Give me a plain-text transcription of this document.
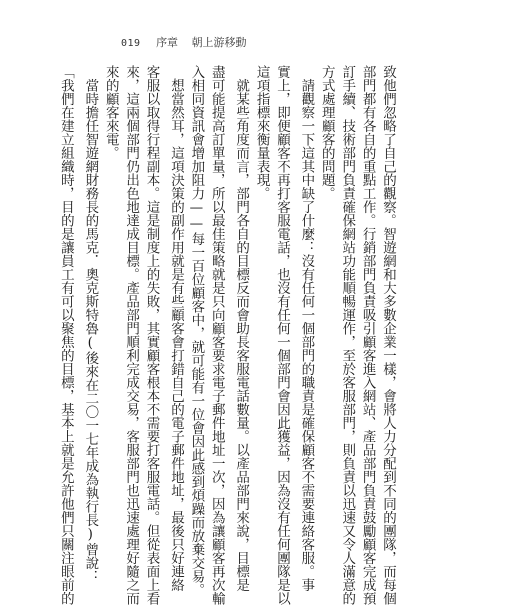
019 序章 朝上游移動

致他們忽略了自己的觀察。智遊網和大多數企業一樣，會將人力分配到不同的團隊，而每個

部門都有各自的重點工作。行銷部門負責吸引顧客進入網站、產品部門負責鼓勵顧客完成預

訂手續、技術部門負責確保網站功能順暢運作，至於客服部門，則負責以迅速又令人滿意的

方式處理顧客的問題。

　請觀察一下這其中缺了什麼：沒有任何一個部門的職責是確保顧客不需要連絡客服。事

實上，即便顧客不再打客服電話，也沒有任何一個部門會因此獲益，因為沒有任何團隊是以

這項指標來衡量表現。

　就某些角度而言，部門各自的目標反而會助長客服電話數量。以產品部門來說，目標是

盡可能提高訂單量，所以最佳策略就是只向顧客要求電子郵件地址一次，因為讓顧客再次輸

入相同資訊會增加阻力——每一百位顧客中，就可能有一位會因此感到煩躁而放棄交易。

　想當然耳，這項決策的副作用就是有些顧客會打錯自己的電子郵件地址，最後只好連絡

客服以取得行程副本。這是制度上的失敗，其實顧客根本不需要打客服電話。但從表面上看

來，這兩個部門仍出色地達成目標。產品部門順利完成交易，客服部門也迅速處理好隨之而

來的顧客來電。

　當時擔任智遊網財務長的馬克．奧克斯特魯(後來在二〇一七年成為執行長)曾說：

「我們在建立組織時，目的是讓員工有可以聚焦的目標，基本上就是允許他們只關注眼前的
